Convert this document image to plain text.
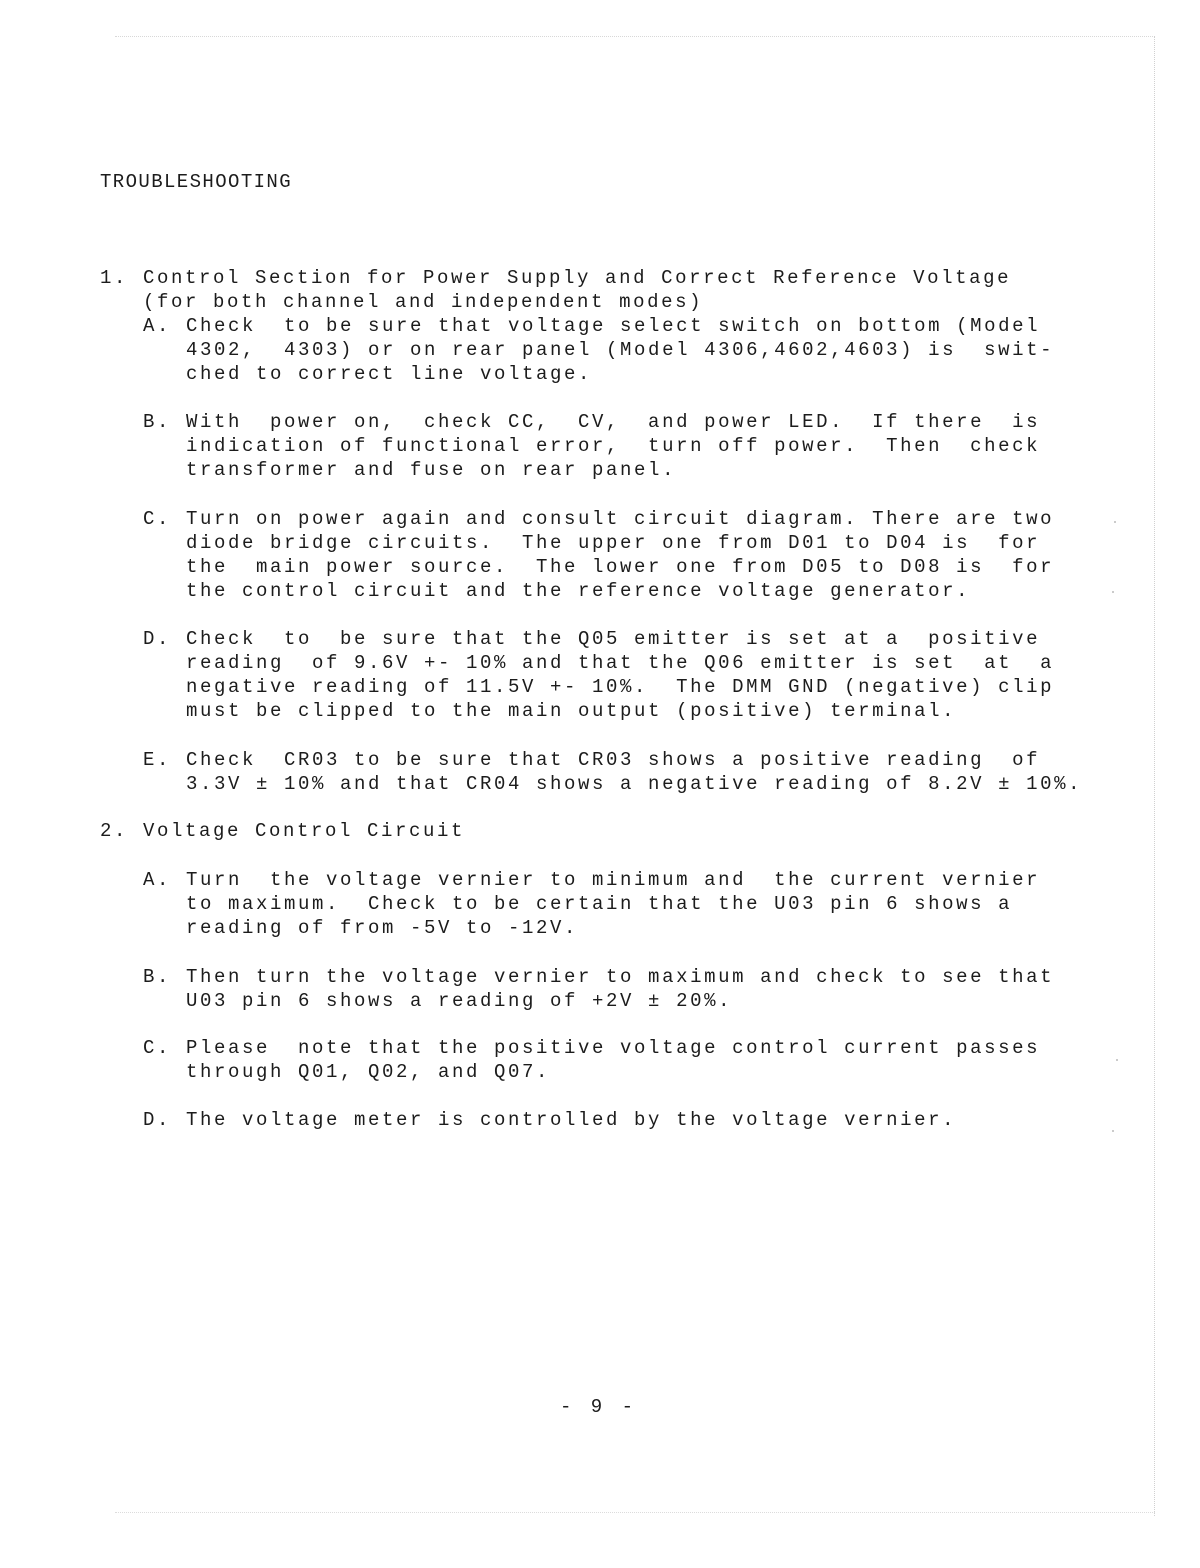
TROUBLESHOOTING
1. Control Section for Power Supply and Correct Reference Voltage
(for both channel and independent modes)
A. Check  to be sure that voltage select switch on bottom (Model
4302,  4303) or on rear panel (Model 4306,4602,4603) is  swit-
ched to correct line voltage.
B. With  power on,  check CC,  CV,  and power LED.  If there  is
indication of functional error,  turn off power.  Then  check
transformer and fuse on rear panel.
C. Turn on power again and consult circuit diagram. There are two
diode bridge circuits.  The upper one from D01 to D04 is  for
the  main power source.  The lower one from D05 to D08 is  for
the control circuit and the reference voltage generator.
D. Check  to  be sure that the Q05 emitter is set at a  positive
reading  of 9.6V +- 10% and that the Q06 emitter is set  at  a
negative reading of 11.5V +- 10%.  The DMM GND (negative) clip
must be clipped to the main output (positive) terminal.
E. Check  CR03 to be sure that CR03 shows a positive reading  of
3.3V ± 10% and that CR04 shows a negative reading of 8.2V ± 10%.
2. Voltage Control Circuit
A. Turn  the voltage vernier to minimum and  the current vernier
to maximum.  Check to be certain that the U03 pin 6 shows a
reading of from -5V to -12V.
B. Then turn the voltage vernier to maximum and check to see that
U03 pin 6 shows a reading of +2V ± 20%.
C. Please  note that the positive voltage control current passes
through Q01, Q02, and Q07.
D. The voltage meter is controlled by the voltage vernier.
- 9 -
